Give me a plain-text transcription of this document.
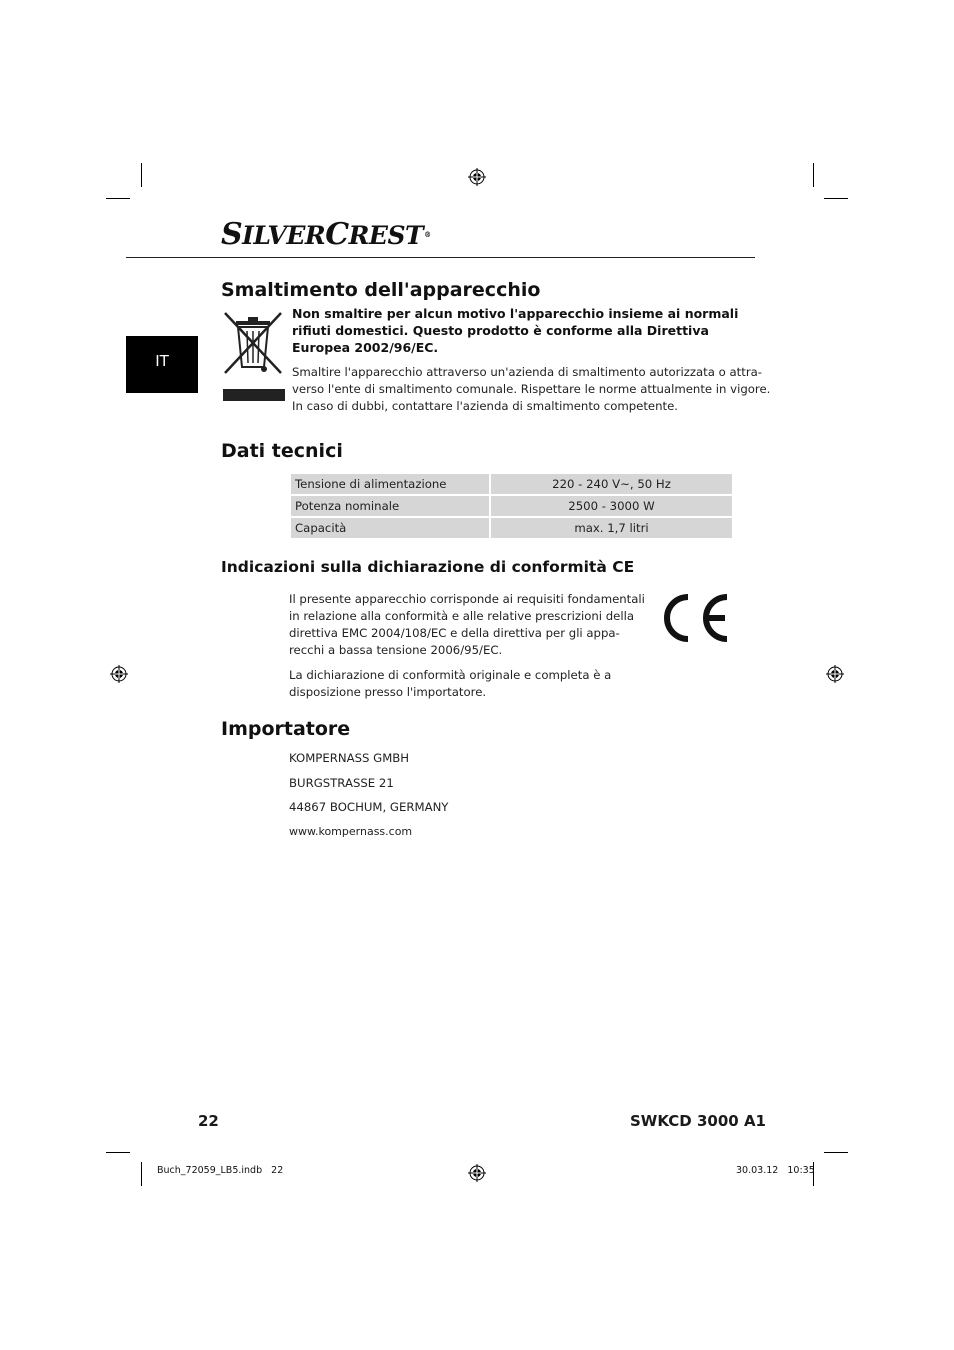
SILVERCREST®
IT
Smaltimento dell'apparecchio
Non smaltire per alcun motivo l'apparecchio insieme ai normali
rifiuti domestici. Questo prodotto è conforme alla Direttiva
Europea 2002/96/EC.
Smaltire l'apparecchio attraverso un'azienda di smaltimento autorizzata o attra-
verso l'ente di smaltimento comunale. Rispettare le norme attualmente in vigore.
In caso di dubbi, contattare l'azienda di smaltimento competente.
Dati tecnici
Tensione di alimentazione	220 - 240 V∼, 50 Hz
Potenza nominale	2500 - 3000 W
Capacità	max. 1,7 litri
Indicazioni sulla dichiarazione di conformità CE
Il presente apparecchio corrisponde ai requisiti fondamentali
in relazione alla conformità e alle relative prescrizioni della
direttiva EMC 2004/108/EC e della direttiva per gli appa-
recchi a bassa tensione 2006/95/EC.
La dichiarazione di conformità originale e completa è a
disposizione presso l'importatore.
Importatore
KOMPERNASS GMBH
BURGSTRASSE 21
44867 BOCHUM, GERMANY
www.kompernass.com
22	SWKCD 3000 A1
Buch_72059_LB5.indb   22	30.03.12   10:35
